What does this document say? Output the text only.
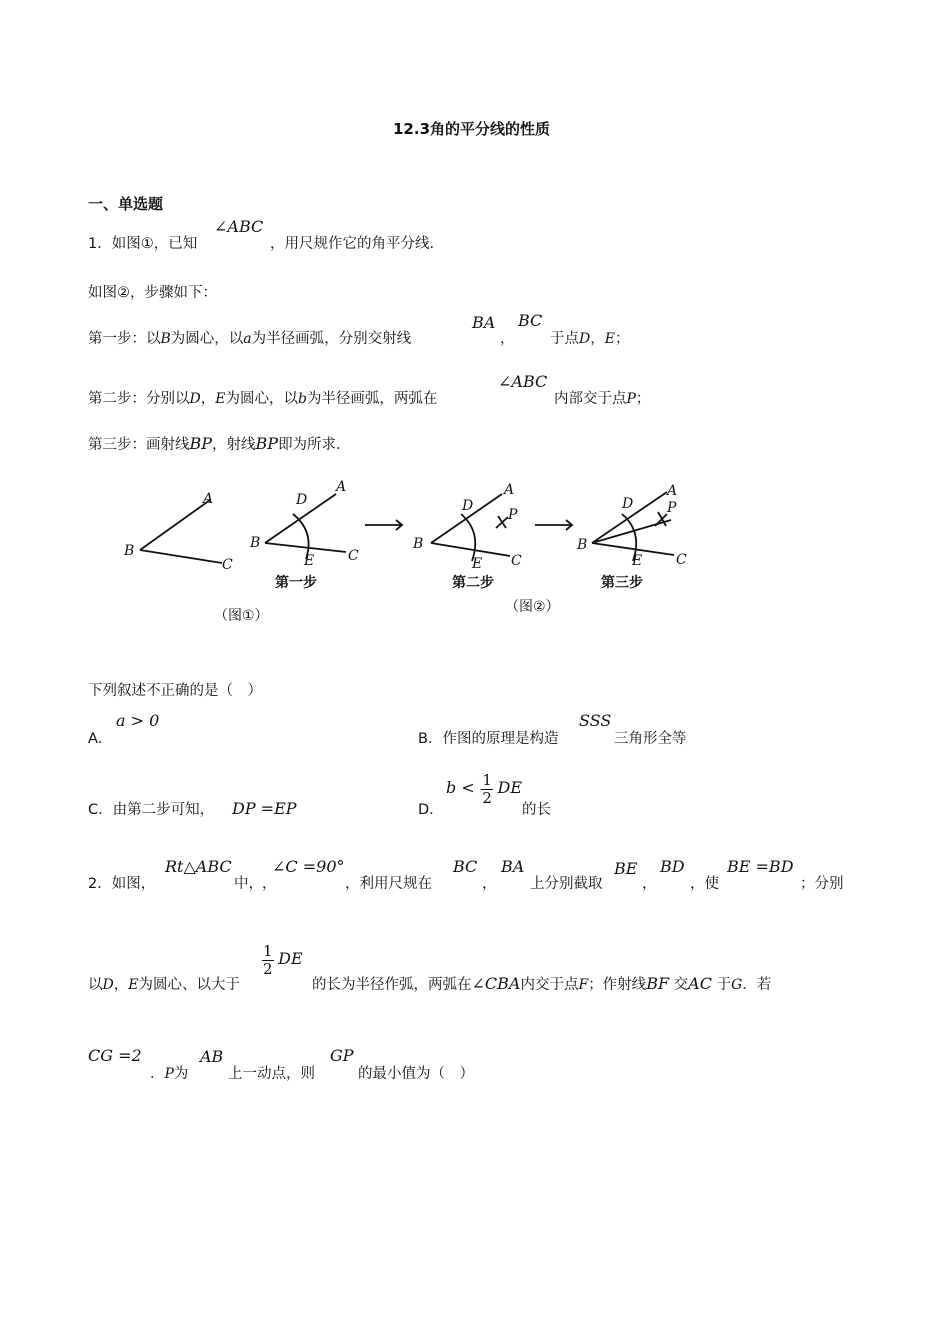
12.3角的平分线的性质
一、单选题
1．如图①，已知
∠ABC
，用尺规作它的角平分线．
如图②，步骤如下：
第一步：以B为圆心，以a为半径画弧，分别交射线
BA
，
BC
于点D，E；
第二步：分别以D，E为圆心，以b为半径画弧，两弧在
∠ABC
内部交于点P；
第三步：画射线BP，射线BP即为所求．
A
B
C
（图①）
A
B
C
D
E
第一步
A
B
C
D
E
P
第二步
（图②）
A
B
C
D
E
P
第三步
下列叙述不正确的是（　）
A．
a > 0
B．作图的原理是构造
SSS
三角形全等
C．由第二步可知， DP =EP	D．
$b < \frac{1}{2}$ DE
的长
2．如图，
Rt△ABC
中， ，
∠C =90°
，利用尺规在
BC
，
BA
上分别截取
BE
，
BD
，使
BE =BD
；分别
以D，E为圆心、以大于
$\frac{1}{2}$ DE
的长为半径作弧，两弧在∠CBA内交于点F；作射线BF 交AC 于G．若
CG =2
．P为
AB
上一动点，则
GP
的最小值为（　）
